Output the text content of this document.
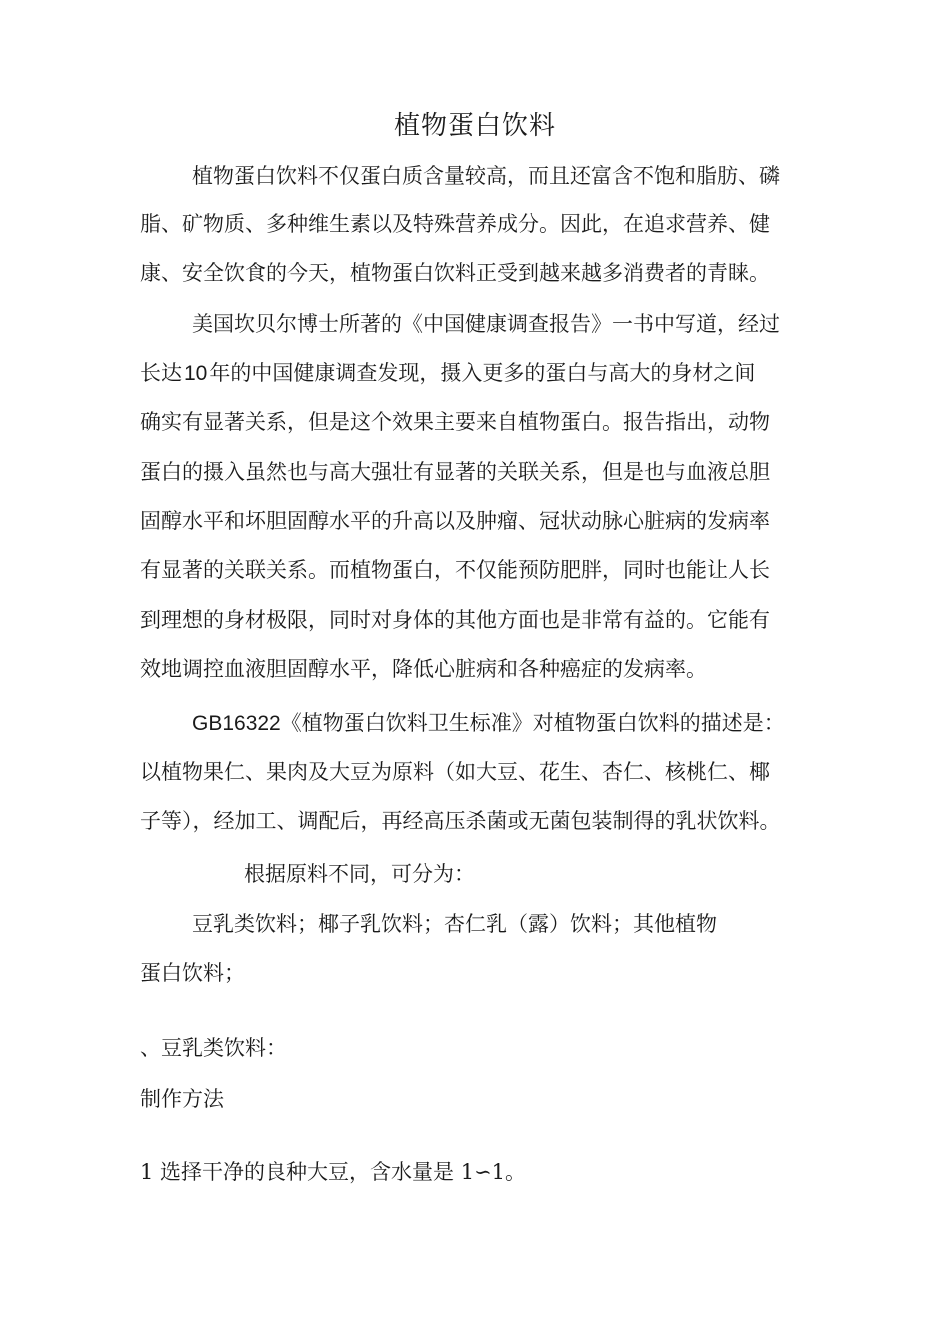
植物蛋白饮料
植物蛋白饮料不仅蛋白质含量较高，而且还富含不饱和脂肪、磷
脂、矿物质、多种维生素以及特殊营养成分。因此，在追求营养、健
康、安全饮食的今天，植物蛋白饮料正受到越来越多消费者的青睐。
美国坎贝尔博士所著的《中国健康调查报告》一书中写道，经过
长达10年的中国健康调查发现，摄入更多的蛋白与高大的身材之间
确实有显著关系，但是这个效果主要来自植物蛋白。报告指出，动物
蛋白的摄入虽然也与高大强壮有显著的关联关系，但是也与血液总胆
固醇水平和坏胆固醇水平的升高以及肿瘤、冠状动脉心脏病的发病率
有显著的关联关系。而植物蛋白，不仅能预防肥胖，同时也能让人长
到理想的身材极限，同时对身体的其他方面也是非常有益的。它能有
效地调控血液胆固醇水平，降低心脏病和各种癌症的发病率。
GB16322《植物蛋白饮料卫生标准》对植物蛋白饮料的描述是：
以植物果仁、果肉及大豆为原料（如大豆、花生、杏仁、核桃仁、椰
子等），经加工、调配后，再经高压杀菌或无菌包装制得的乳状饮料。
根据原料不同，可分为：
豆乳类饮料；椰子乳饮料；杏仁乳（露）饮料；其他植物
蛋白饮料；
、豆乳类饮料：
制作方法
1 选择干净的良种大豆，含水量是 1∽1。
